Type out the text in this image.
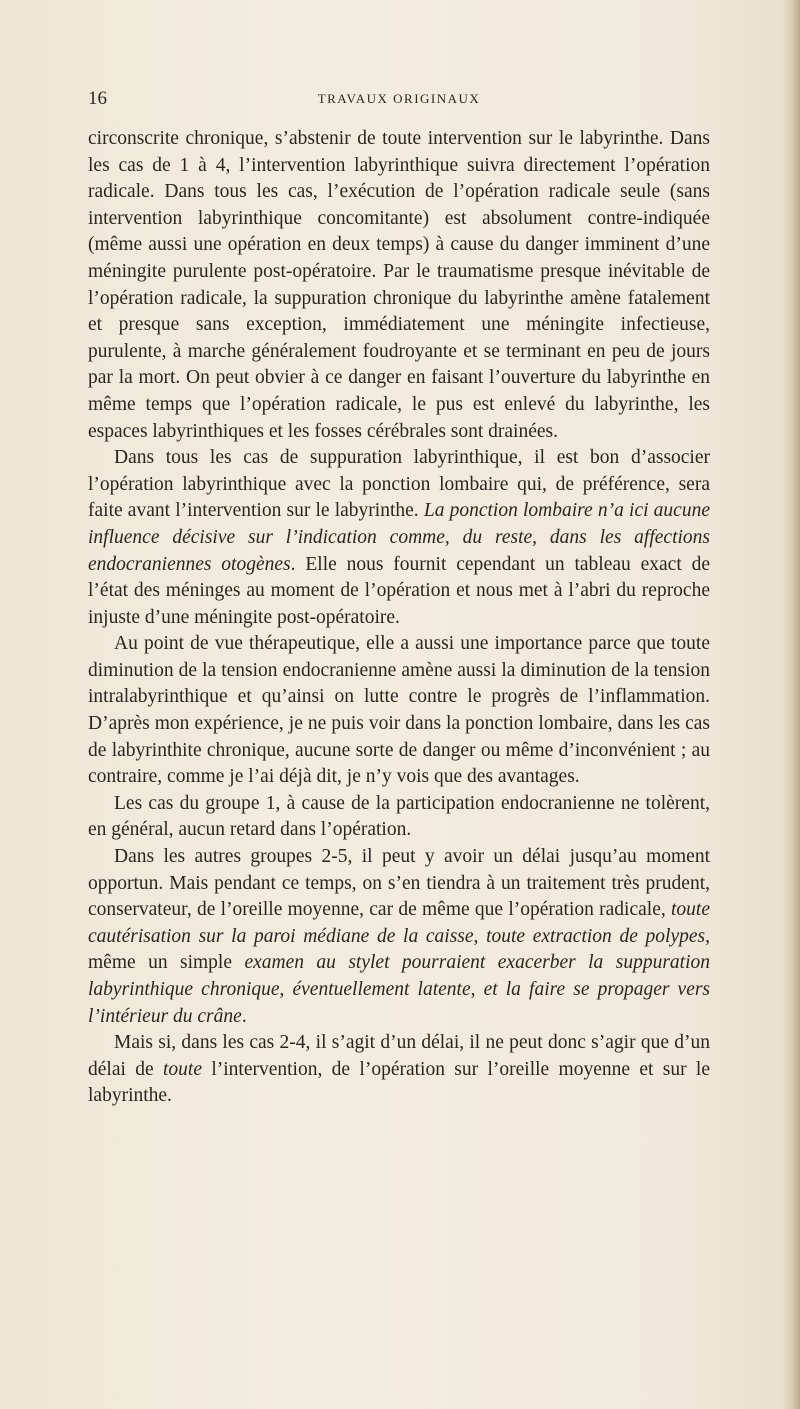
16	TRAVAUX ORIGINAUX

circonscrite chronique, s’abstenir de toute intervention sur le labyrinthe. Dans les cas de 1 à 4, l’intervention labyrinthique suivra directement l’opération radicale. Dans tous les cas, l’exécution de l’opération radicale seule (sans intervention labyrinthique concomitante) est absolument contre-indiquée (même aussi une opération en deux temps) à cause du danger imminent d’une méningite purulente post-opératoire. Par le traumatisme presque inévitable de l’opération radicale, la suppuration chronique du labyrinthe amène fatalement et presque sans exception, immédiatement une méningite infectieuse, purulente, à marche généralement foudroyante et se terminant en peu de jours par la mort. On peut obvier à ce danger en faisant l’ouverture du labyrinthe en même temps que l’opération radicale, le pus est enlevé du labyrinthe, les espaces labyrinthiques et les fosses cérébrales sont drainées.

Dans tous les cas de suppuration labyrinthique, il est bon d’associer l’opération labyrinthique avec la ponction lombaire qui, de préférence, sera faite avant l’intervention sur le labyrinthe. La ponction lombaire n’a ici aucune influence décisive sur l’indication comme, du reste, dans les affections endocraniennes otogènes. Elle nous fournit cependant un tableau exact de l’état des méninges au moment de l’opération et nous met à l’abri du reproche injuste d’une méningite post-opératoire.

Au point de vue thérapeutique, elle a aussi une importance parce que toute diminution de la tension endocranienne amène aussi la diminution de la tension intralabyrinthique et qu’ainsi on lutte contre le progrès de l’inflammation. D’après mon expérience, je ne puis voir dans la ponction lombaire, dans les cas de labyrinthite chronique, aucune sorte de danger ou même d’inconvénient ; au contraire, comme je l’ai déjà dit, je n’y vois que des avantages.

Les cas du groupe 1, à cause de la participation endocranienne ne tolèrent, en général, aucun retard dans l’opération.

Dans les autres groupes 2-5, il peut y avoir un délai jusqu’au moment opportun. Mais pendant ce temps, on s’en tiendra à un traitement très prudent, conservateur, de l’oreille moyenne, car de même que l’opération radicale, toute cautérisation sur la paroi médiane de la caisse, toute extraction de polypes, même un simple examen au stylet pourraient exacerber la suppuration labyrinthique chronique, éventuellement latente, et la faire se propager vers l’intérieur du crâne.

Mais si, dans les cas 2-4, il s’agit d’un délai, il ne peut donc s’agir que d’un délai de toute l’intervention, de l’opération sur l’oreille moyenne et sur le labyrinthe.
